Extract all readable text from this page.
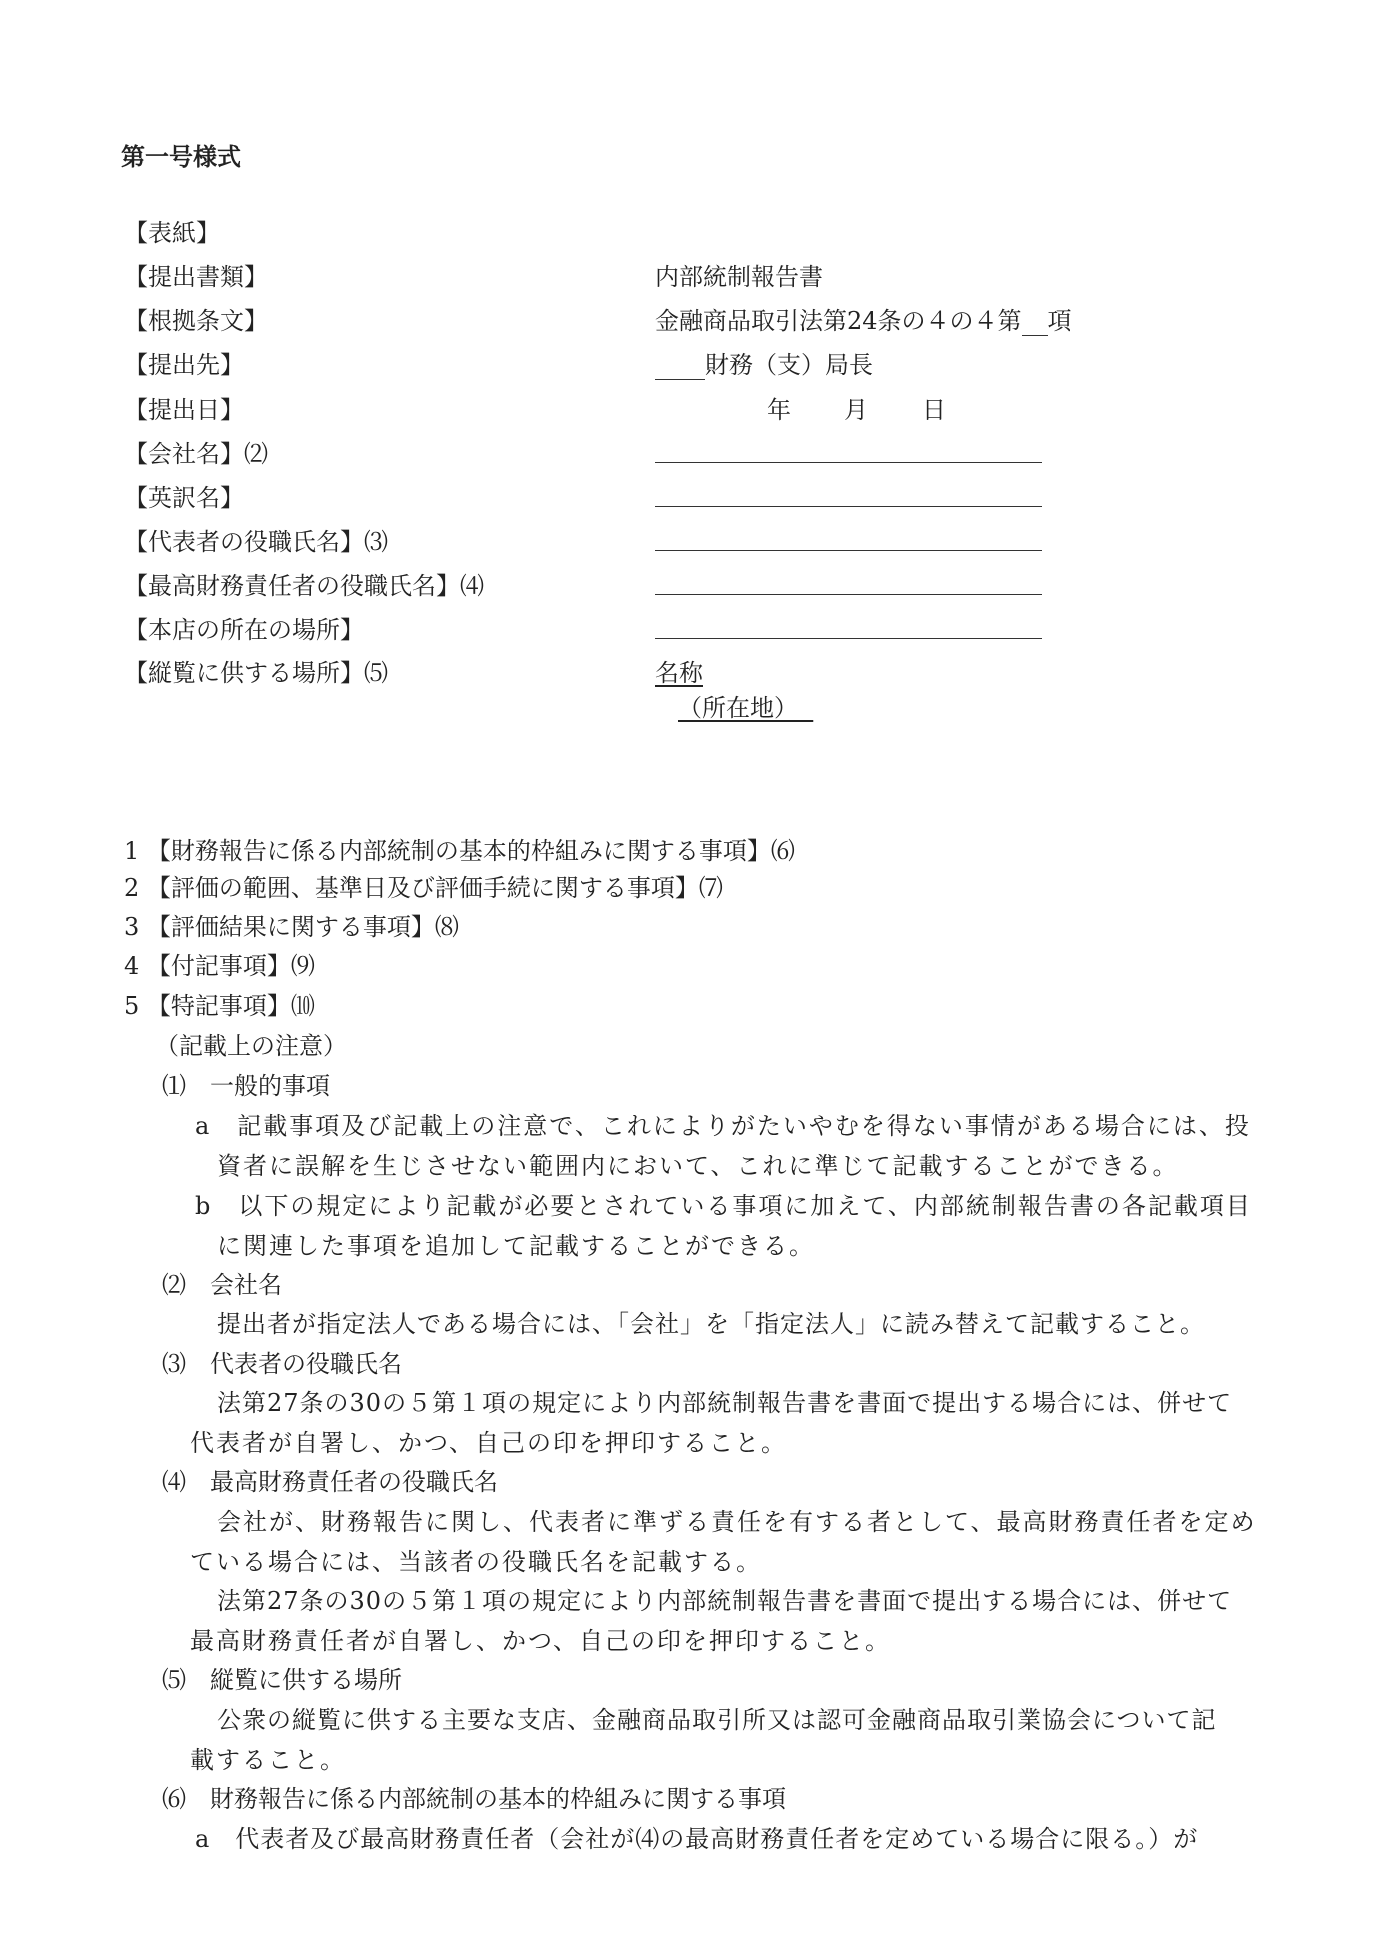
第一号様式
【表紙】
【提出書類】	内部統制報告書
【根拠条文】	金融商品取引法第24条の４の４第 項
【提出先】	財務（支）局長
【提出日】	年 月 日
【会社名】⑵
【英訳名】
【代表者の役職氏名】⑶
【最高財務責任者の役職氏名】⑷
【本店の所在の場所】
【縦覧に供する場所】⑸	名称
（所在地）
1 【財務報告に係る内部統制の基本的枠組みに関する事項】⑹
2 【評価の範囲、基準日及び評価手続に関する事項】⑺
3 【評価結果に関する事項】⑻
4 【付記事項】⑼
5 【特記事項】⑽
（記載上の注意）
⑴　一般的事項
a　記載事項及び記載上の注意で、これによりがたいやむを得ない事情がある場合には、投
資者に誤解を生じさせない範囲内において、これに準じて記載することができる。
b　以下の規定により記載が必要とされている事項に加えて、内部統制報告書の各記載項目
に関連した事項を追加して記載することができる。
⑵　会社名
提出者が指定法人である場合には、「会社」を「指定法人」に読み替えて記載すること。
⑶　代表者の役職氏名
法第27条の30の５第１項の規定により内部統制報告書を書面で提出する場合には、併せて
代表者が自署し、かつ、自己の印を押印すること。
⑷　最高財務責任者の役職氏名
会社が、財務報告に関し、代表者に準ずる責任を有する者として、最高財務責任者を定め
ている場合には、当該者の役職氏名を記載する。
法第27条の30の５第１項の規定により内部統制報告書を書面で提出する場合には、併せて
最高財務責任者が自署し、かつ、自己の印を押印すること。
⑸　縦覧に供する場所
公衆の縦覧に供する主要な支店、金融商品取引所又は認可金融商品取引業協会について記
載すること。
⑹　財務報告に係る内部統制の基本的枠組みに関する事項
a　代表者及び最高財務責任者（会社が⑷の最高財務責任者を定めている場合に限る。）が
